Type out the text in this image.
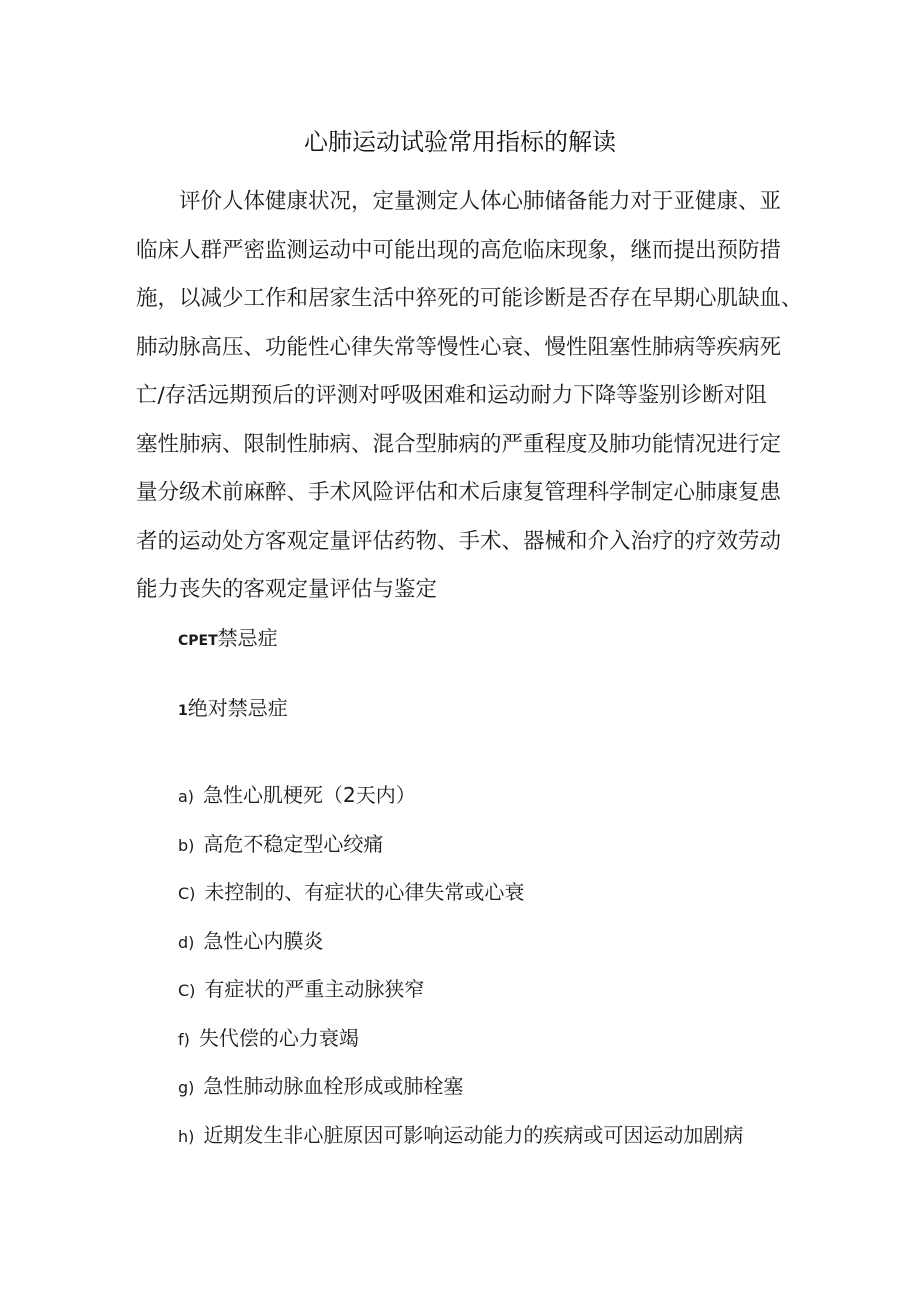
心肺运动试验常用指标的解读
评价人体健康状况，定量测定人体心肺储备能力对于亚健康、亚
临床人群严密监测运动中可能出现的高危临床现象，继而提出预防措
施，以减少工作和居家生活中猝死的可能诊断是否存在早期心肌缺血、
肺动脉高压、功能性心律失常等慢性心衰、慢性阻塞性肺病等疾病死
亡/存活远期预后的评测对呼吸困难和运动耐力下降等鉴别诊断对阻
塞性肺病、限制性肺病、混合型肺病的严重程度及肺功能情况进行定
量分级术前麻醉、手术风险评估和术后康复管理科学制定心肺康复患
者的运动处方客观定量评估药物、手术、器械和介入治疗的疗效劳动
能力丧失的客观定量评估与鉴定
CPET禁忌症
1绝对禁忌症
a) 急性心肌梗死（2天内）
b) 高危不稳定型心绞痛
C) 未控制的、有症状的心律失常或心衰
d) 急性心内膜炎
C) 有症状的严重主动脉狭窄
f) 失代偿的心力衰竭
g) 急性肺动脉血栓形成或肺栓塞
h) 近期发生非心脏原因可影响运动能力的疾病或可因运动加剧病
